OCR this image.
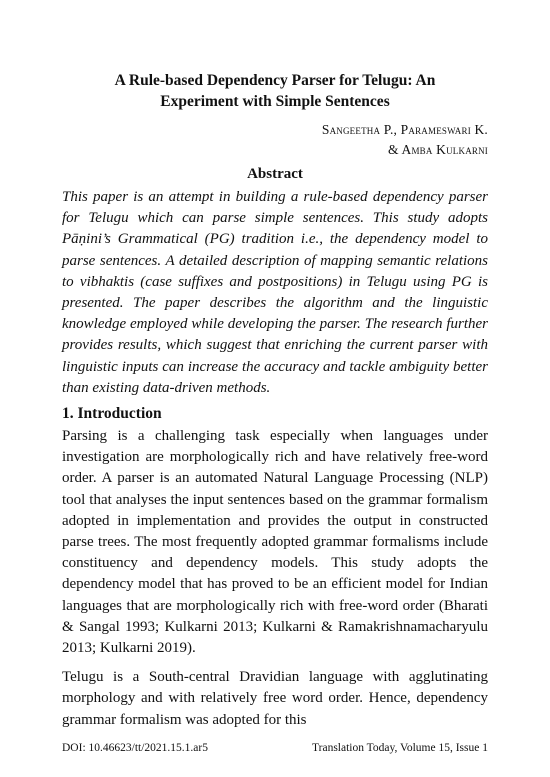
A Rule-based Dependency Parser for Telugu: An
Experiment with Simple Sentences
Sangeetha P., Parameswari K.
& Amba Kulkarni
Abstract

This paper is an attempt in building a rule-based dependency parser for Telugu which can parse simple sentences. This study adopts Pāṇini’s Grammatical (PG) tradition i.e., the dependency model to parse sentences. A detailed description of mapping semantic relations to vibhaktis (case suffixes and postpositions) in Telugu using PG is presented. The paper describes the algorithm and the linguistic knowledge employed while developing the parser. The research further provides results, which suggest that enriching the current parser with linguistic inputs can increase the accuracy and tackle ambiguity better than existing data-driven methods.

1. Introduction

Parsing is a challenging task especially when languages under investigation are morphologically rich and have relatively free-word order. A parser is an automated Natural Language Processing (NLP) tool that analyses the input sentences based on the grammar formalism adopted in implementation and provides the output in constructed parse trees. The most frequently adopted grammar formalisms include constituency and dependency models. This study adopts the dependency model that has proved to be an efficient model for Indian languages that are morphologically rich with free-word order (Bharati & Sangal 1993; Kulkarni 2013; Kulkarni & Ramakrishnamacharyulu 2013; Kulkarni 2019).

Telugu is a South-central Dravidian language with agglutinating morphology and with relatively free word order. Hence, dependency grammar formalism was adopted for this

DOI: 10.46623/tt/2021.15.1.ar5	Translation Today, Volume 15, Issue 1
